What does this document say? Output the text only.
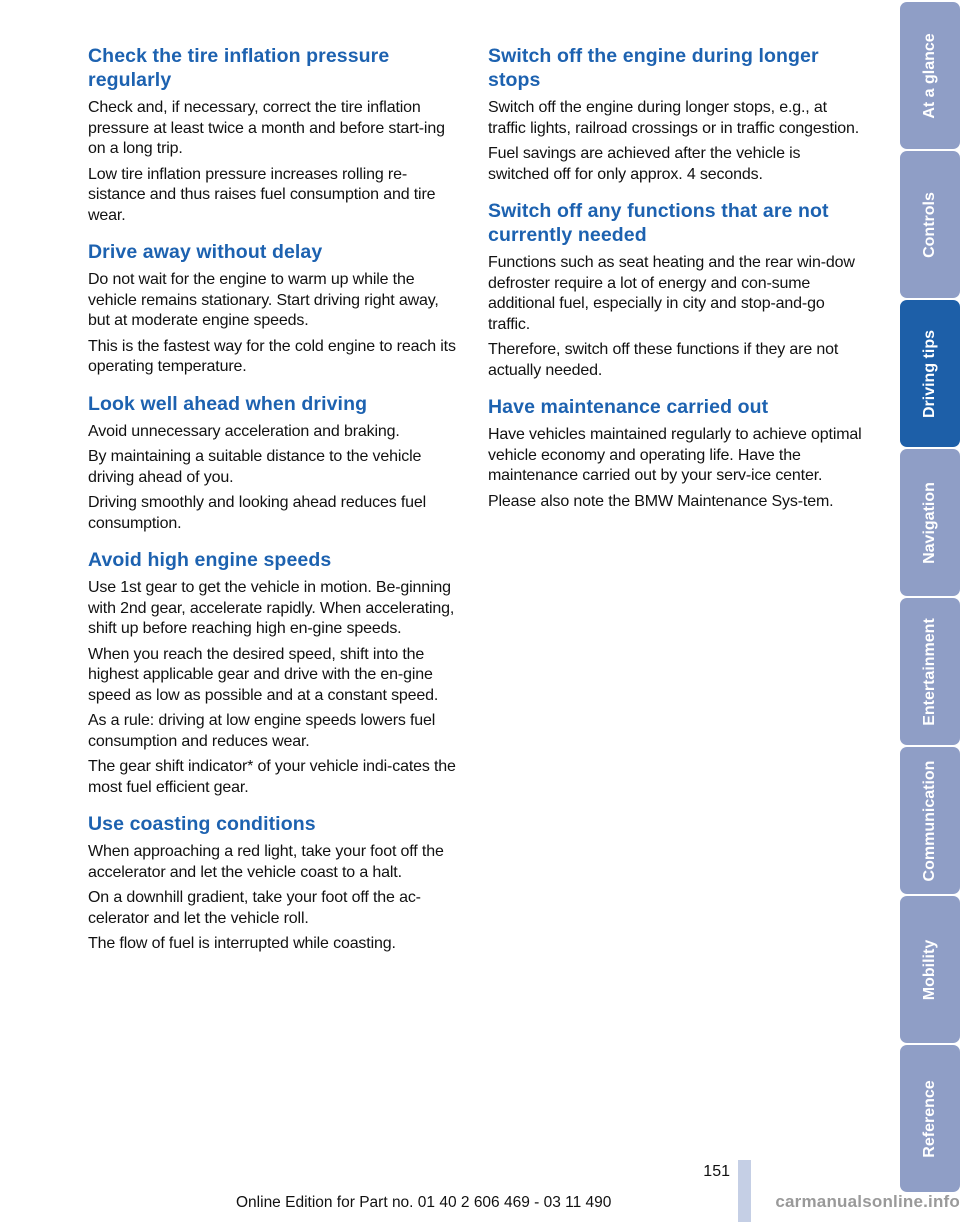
Check the tire inflation pressure regularly

Check and, if necessary, correct the tire inflation pressure at least twice a month and before start‐ing on a long trip.

Low tire inflation pressure increases rolling re‐sistance and thus raises fuel consumption and tire wear.

Drive away without delay

Do not wait for the engine to warm up while the vehicle remains stationary. Start driving right away, but at moderate engine speeds.

This is the fastest way for the cold engine to reach its operating temperature.

Look well ahead when driving

Avoid unnecessary acceleration and braking.

By maintaining a suitable distance to the vehicle driving ahead of you.

Driving smoothly and looking ahead reduces fuel consumption.

Avoid high engine speeds

Use 1st gear to get the vehicle in motion. Be‐ginning with 2nd gear, accelerate rapidly. When accelerating, shift up before reaching high en‐gine speeds.

When you reach the desired speed, shift into the highest applicable gear and drive with the en‐gine speed as low as possible and at a constant speed.

As a rule: driving at low engine speeds lowers fuel consumption and reduces wear.

The gear shift indicator* of your vehicle indi‐cates the most fuel efficient gear.

Use coasting conditions

When approaching a red light, take your foot off the accelerator and let the vehicle coast to a halt.

On a downhill gradient, take your foot off the ac‐celerator and let the vehicle roll.

The flow of fuel is interrupted while coasting.

Switch off the engine during longer stops

Switch off the engine during longer stops, e.g., at traffic lights, railroad crossings or in traffic congestion.

Fuel savings are achieved after the vehicle is switched off for only approx. 4 seconds.

Switch off any functions that are not currently needed

Functions such as seat heating and the rear win‐dow defroster require a lot of energy and con‐sume additional fuel, especially in city and stop-and-go traffic.

Therefore, switch off these functions if they are not actually needed.

Have maintenance carried out

Have vehicles maintained regularly to achieve optimal vehicle economy and operating life. Have the maintenance carried out by your serv‐ice center.

Please also note the BMW Maintenance Sys‐tem.

At a glance
Controls
Driving tips
Navigation
Entertainment
Communication
Mobility
Reference
151
Online Edition for Part no. 01 40 2 606 469 - 03 11 490	carmanualsonline.info
